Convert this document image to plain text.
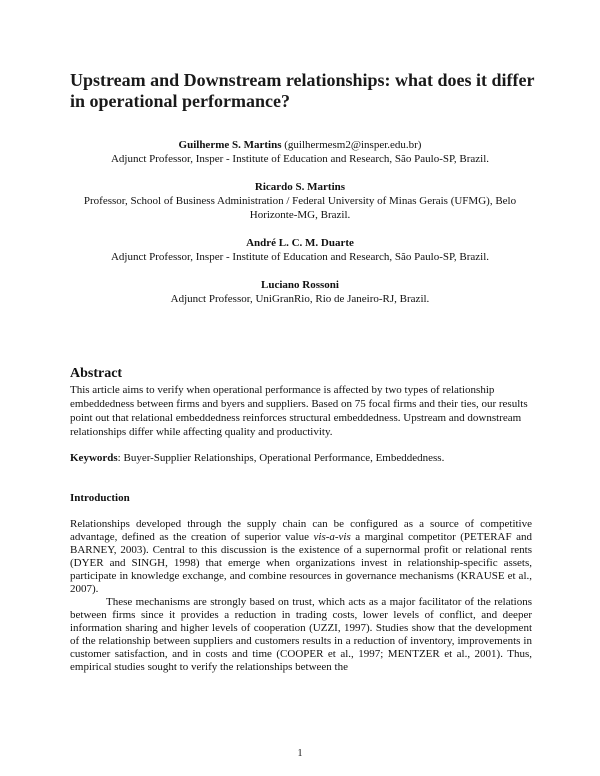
Upstream and Downstream relationships: what does it differ in operational performance?
Guilherme S. Martins (guilhermesm2@insper.edu.br)
Adjunct Professor, Insper - Institute of Education and Research, São Paulo-SP, Brazil.
Ricardo S. Martins
Professor, School of Business Administration / Federal University of Minas Gerais (UFMG), Belo Horizonte-MG, Brazil.
André L. C. M. Duarte
Adjunct Professor, Insper - Institute of Education and Research, São Paulo-SP, Brazil.
Luciano Rossoni
Adjunct Professor, UniGranRio, Rio de Janeiro-RJ, Brazil.
Abstract
This article aims to verify when operational performance is affected by two types of relationship embeddedness between firms and byers and suppliers. Based on 75 focal firms and their ties, our results point out that relational embeddedness reinforces structural embeddedness. Upstream and downstream relationships differ while affecting quality and productivity.
Keywords: Buyer-Supplier Relationships, Operational Performance, Embeddedness.
Introduction

Relationships developed through the supply chain can be configured as a source of competitive advantage, defined as the creation of superior value vis-a-vis a marginal competitor (PETERAF and BARNEY, 2003). Central to this discussion is the existence of a supernormal profit or relational rents (DYER and SINGH, 1998) that emerge when organizations invest in relationship-specific assets, participate in knowledge exchange, and combine resources in governance mechanisms (KRAUSE et al., 2007).

These mechanisms are strongly based on trust, which acts as a major facilitator of the relations between firms since it provides a reduction in trading costs, lower levels of conflict, and deeper information sharing and higher levels of cooperation (UZZI, 1997). Studies show that the development of the relationship between suppliers and customers results in a reduction of inventory, improvements in customer satisfaction, and in costs and time (COOPER et al., 1997; MENTZER et al., 2001). Thus, empirical studies sought to verify the relationships between the

1
